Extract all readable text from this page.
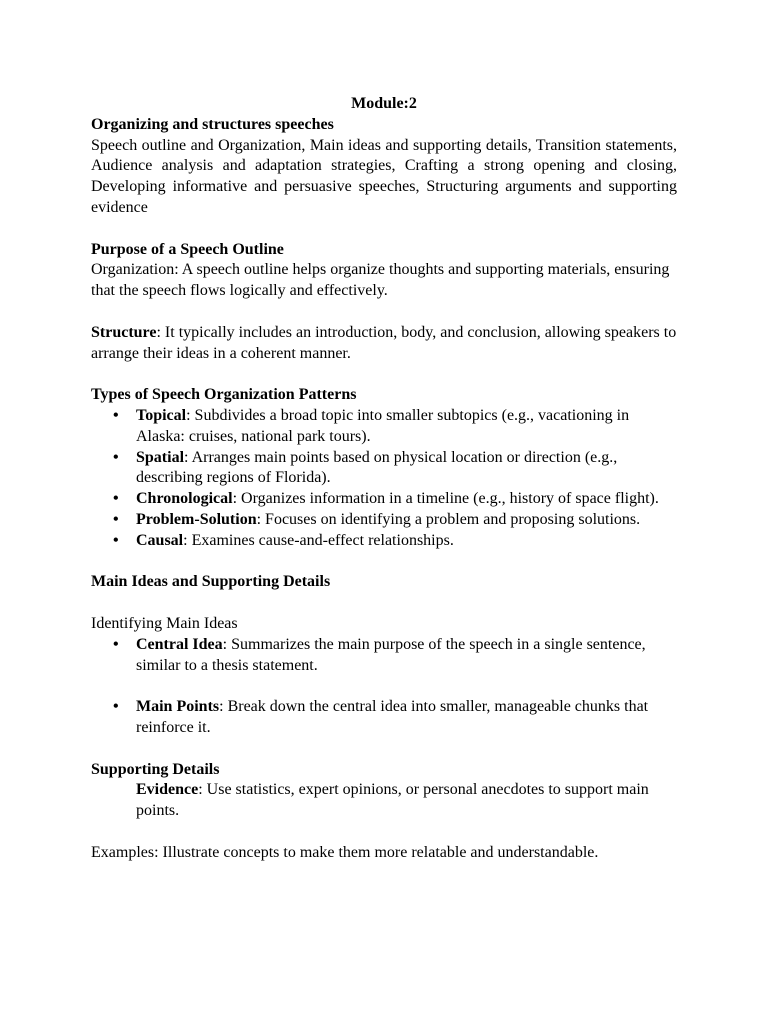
Module:2

Organizing and structures speeches

Speech outline and Organization, Main ideas and supporting details, Transition statements, Audience analysis and adaptation strategies, Crafting a strong opening and closing, Developing informative and persuasive speeches, Structuring arguments and supporting evidence

Purpose of a Speech Outline

Organization: A speech outline helps organize thoughts and supporting materials, ensuring that the speech flows logically and effectively.

Structure: It typically includes an introduction, body, and conclusion, allowing speakers to arrange their ideas in a coherent manner.

Types of Speech Organization Patterns

• Topical: Subdivides a broad topic into smaller subtopics (e.g., vacationing in Alaska: cruises, national park tours).
• Spatial: Arranges main points based on physical location or direction (e.g., describing regions of Florida).
• Chronological: Organizes information in a timeline (e.g., history of space flight).
• Problem-Solution: Focuses on identifying a problem and proposing solutions.
• Causal: Examines cause-and-effect relationships.

Main Ideas and Supporting Details

Identifying Main Ideas

• Central Idea: Summarizes the main purpose of the speech in a single sentence, similar to a thesis statement.
• Main Points: Break down the central idea into smaller, manageable chunks that reinforce it.

Supporting Details

Evidence: Use statistics, expert opinions, or personal anecdotes to support main points.

Examples: Illustrate concepts to make them more relatable and understandable.
